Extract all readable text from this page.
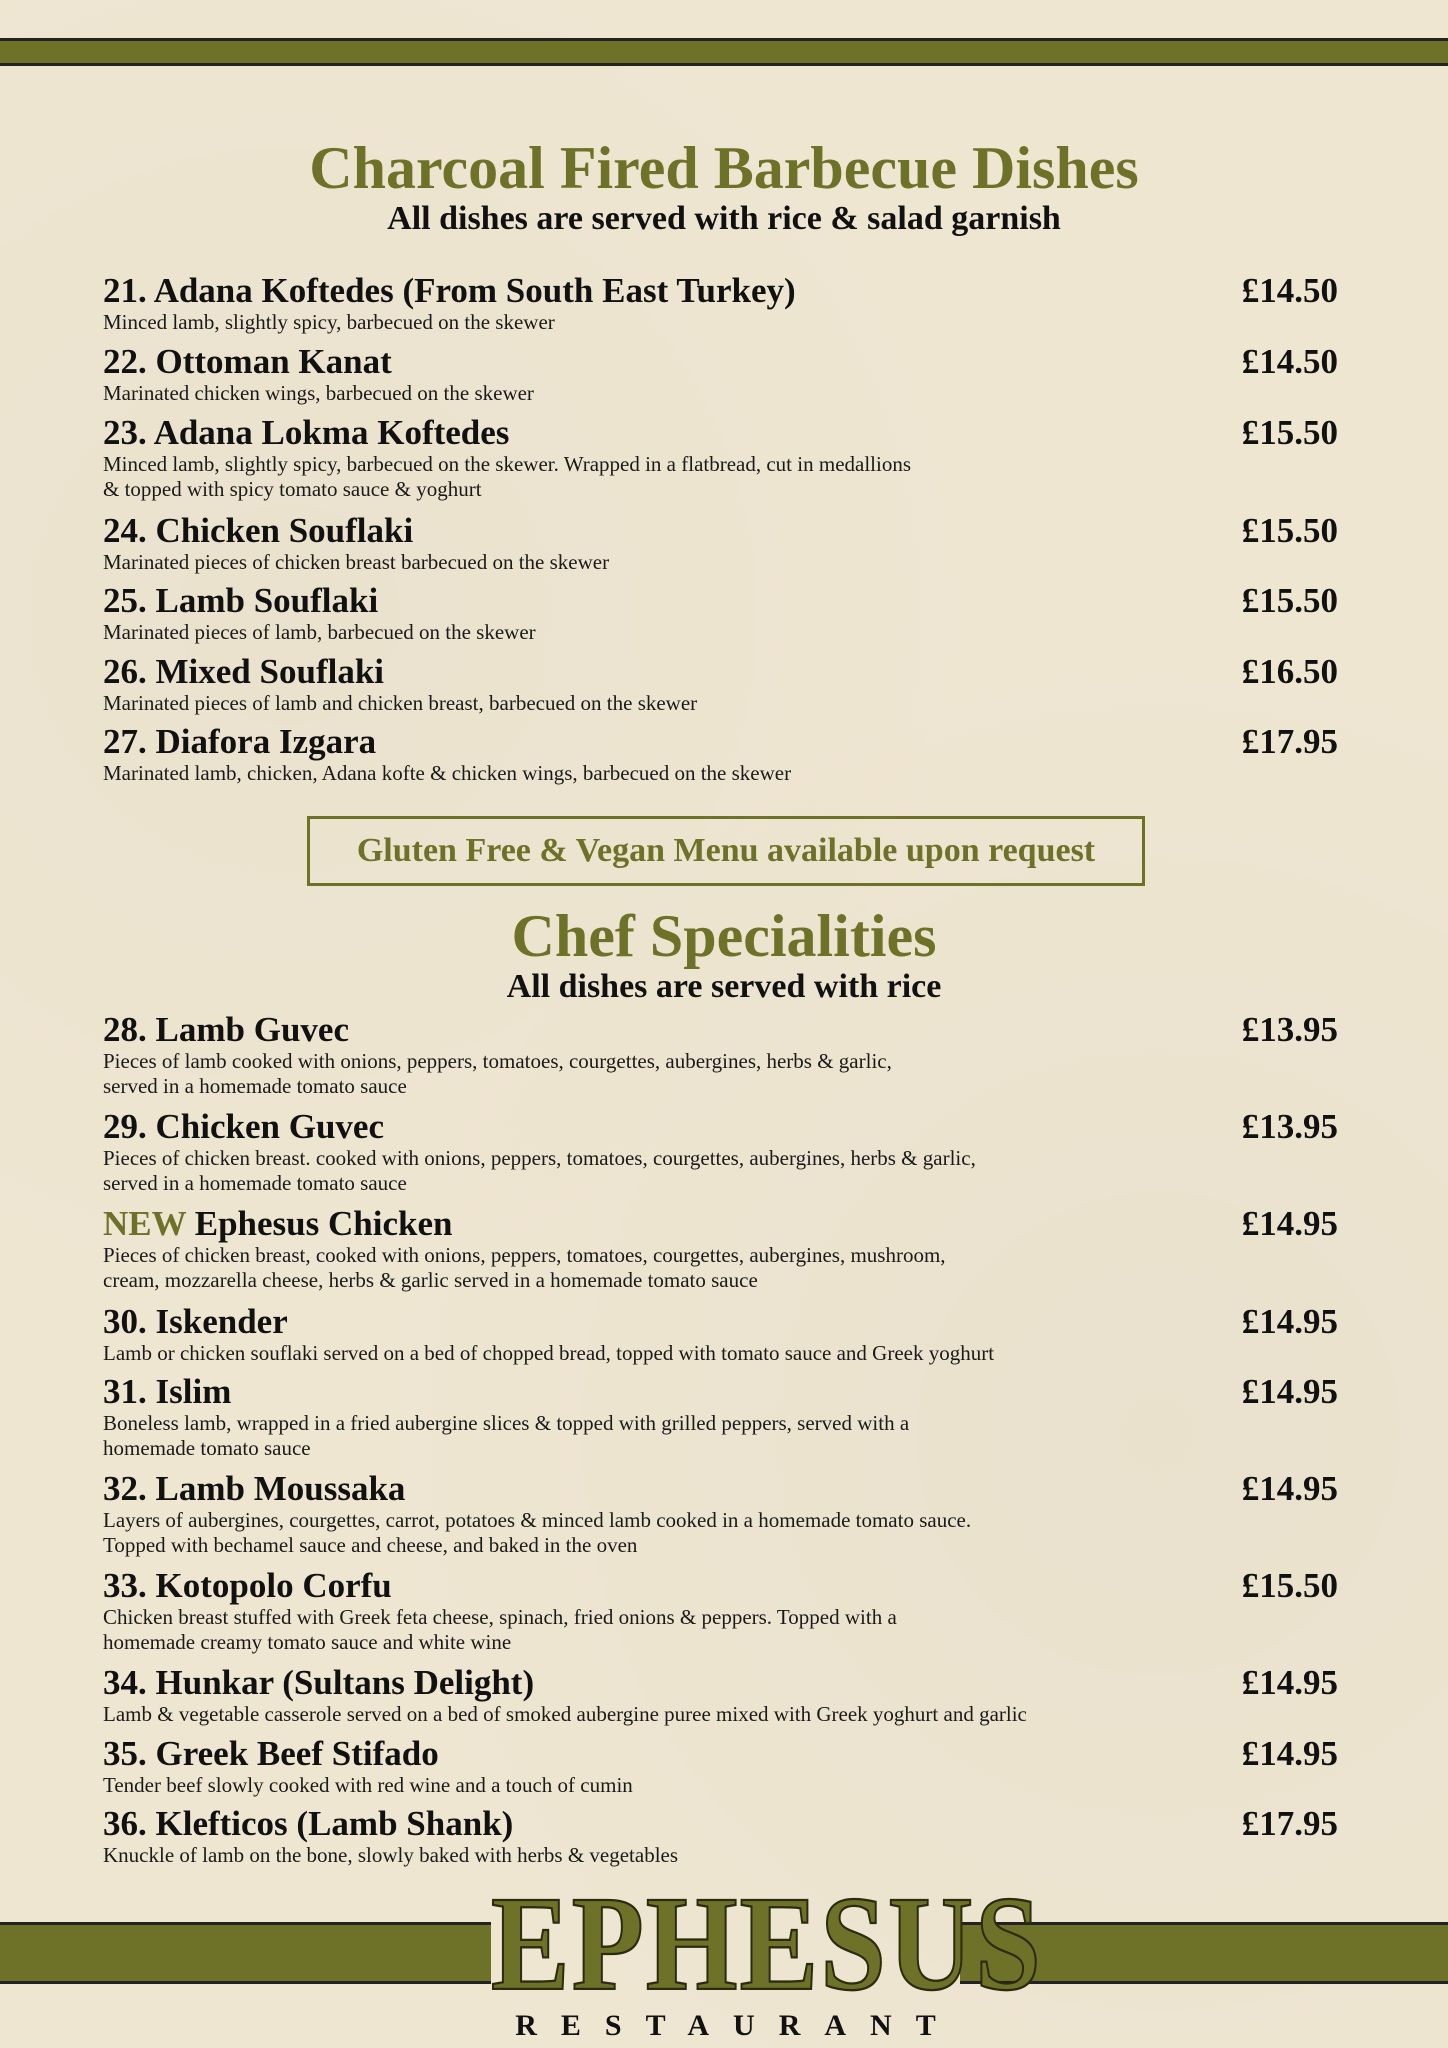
Charcoal Fired Barbecue Dishes
All dishes are served with rice & salad garnish
21. Adana Koftedes (From South East Turkey)	£14.50
Minced lamb, slightly spicy, barbecued on the skewer
22. Ottoman Kanat	£14.50
Marinated chicken wings, barbecued on the skewer
23. Adana Lokma Koftedes	£15.50
Minced lamb, slightly spicy, barbecued on the skewer. Wrapped in a flatbread, cut in medallions
& topped with spicy tomato sauce & yoghurt
24. Chicken Souflaki	£15.50
Marinated pieces of chicken breast barbecued on the skewer
25. Lamb Souflaki	£15.50
Marinated pieces of lamb, barbecued on the skewer
26. Mixed Souflaki	£16.50
Marinated pieces of lamb and chicken breast, barbecued on the skewer
27. Diafora Izgara	£17.95
Marinated lamb, chicken, Adana kofte & chicken wings, barbecued on the skewer
Gluten Free & Vegan Menu available upon request
Chef Specialities
All dishes are served with rice
28. Lamb Guvec	£13.95
Pieces of lamb cooked with onions, peppers, tomatoes, courgettes, aubergines, herbs & garlic,
served in a homemade tomato sauce
29. Chicken Guvec	£13.95
Pieces of chicken breast. cooked with onions, peppers, tomatoes, courgettes, aubergines, herbs & garlic,
served in a homemade tomato sauce
NEW Ephesus Chicken	£14.95
Pieces of chicken breast, cooked with onions, peppers, tomatoes, courgettes, aubergines, mushroom,
cream, mozzarella cheese, herbs & garlic served in a homemade tomato sauce
30. Iskender	£14.95
Lamb or chicken souflaki served on a bed of chopped bread, topped with tomato sauce and Greek yoghurt
31. Islim	£14.95
Boneless lamb, wrapped in a fried aubergine slices & topped with grilled peppers, served with a
homemade tomato sauce
32. Lamb Moussaka	£14.95
Layers of aubergines, courgettes, carrot, potatoes & minced lamb cooked in a homemade tomato sauce.
Topped with bechamel sauce and cheese, and baked in the oven
33. Kotopolo Corfu	£15.50
Chicken breast stuffed with Greek feta cheese, spinach, fried onions & peppers. Topped with a
homemade creamy tomato sauce and white wine
34. Hunkar (Sultans Delight)	£14.95
Lamb & vegetable casserole served on a bed of smoked aubergine puree mixed with Greek yoghurt and garlic
35. Greek Beef Stifado	£14.95
Tender beef slowly cooked with red wine and a touch of cumin
36. Klefticos (Lamb Shank)	£17.95
Knuckle of lamb on the bone, slowly baked with herbs & vegetables
EPHESUS
RESTAURANT
